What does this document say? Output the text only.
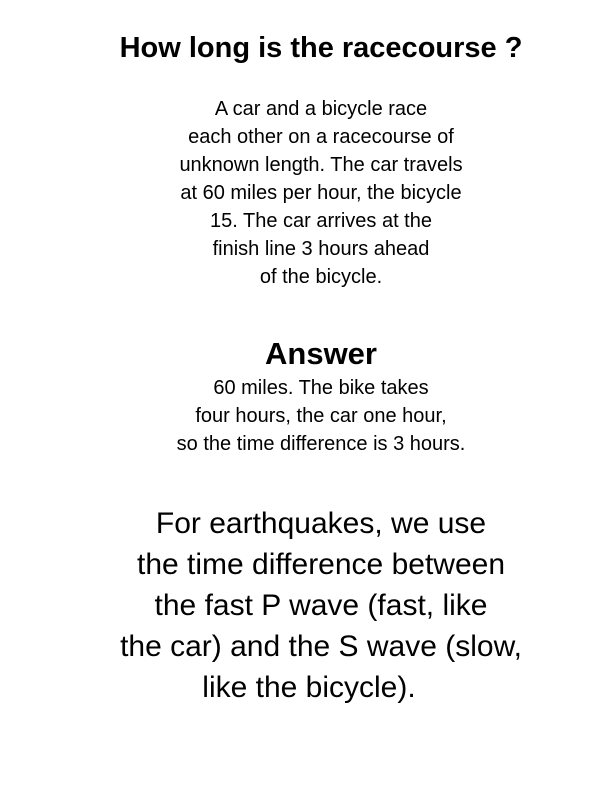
How long is the racecourse ?

A car and a bicycle race

each other on a racecourse of

unknown length. The car travels

at 60 miles per hour, the bicycle

15. The car arrives at the

finish line 3 hours ahead

of the bicycle.

Answer

60 miles. The bike takes

four hours, the car one hour,

so the time difference is 3 hours.

For earthquakes, we use

the time difference between

the fast P wave (fast, like

the car) and the S wave (slow,

like the bicycle).
